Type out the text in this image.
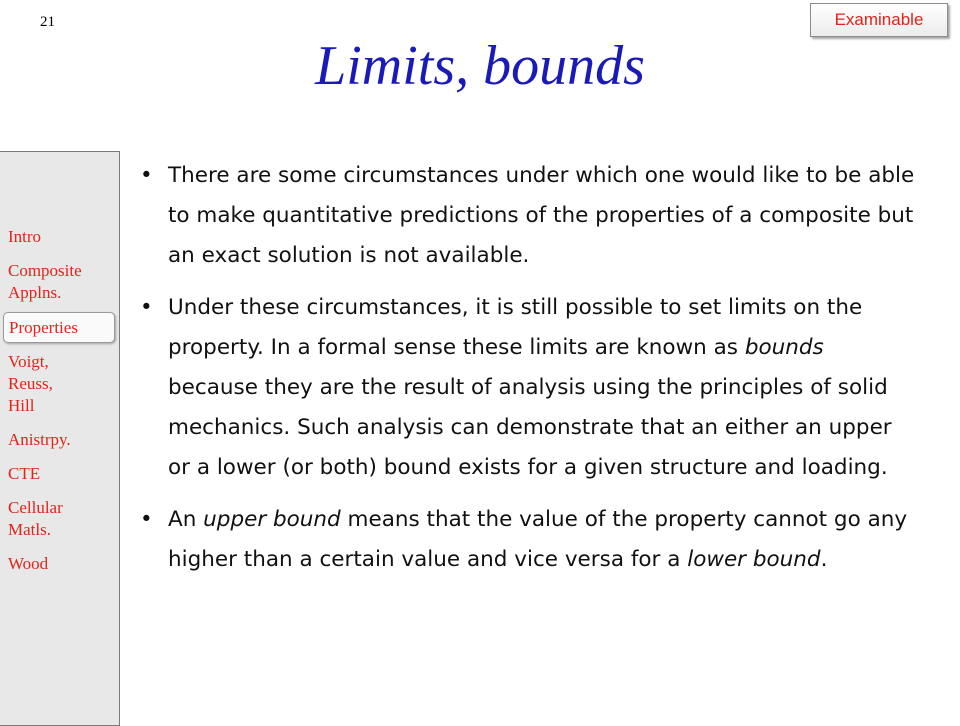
21	Examinable
Limits, bounds
Intro
Composite
Applns.
Properties
Voigt,
Reuss,
Hill
Anistrpy.
CTE
Cellular
Matls.
Wood
• There are some circumstances under which one would like to be able to make quantitative predictions of the properties of a composite but an exact solution is not available.
• Under these circumstances, it is still possible to set limits on the property. In a formal sense these limits are known as bounds because they are the result of analysis using the principles of solid mechanics. Such analysis can demonstrate that an either an upper or a lower (or both) bound exists for a given structure and loading.
• An upper bound means that the value of the property cannot go any higher than a certain value and vice versa for a lower bound.
